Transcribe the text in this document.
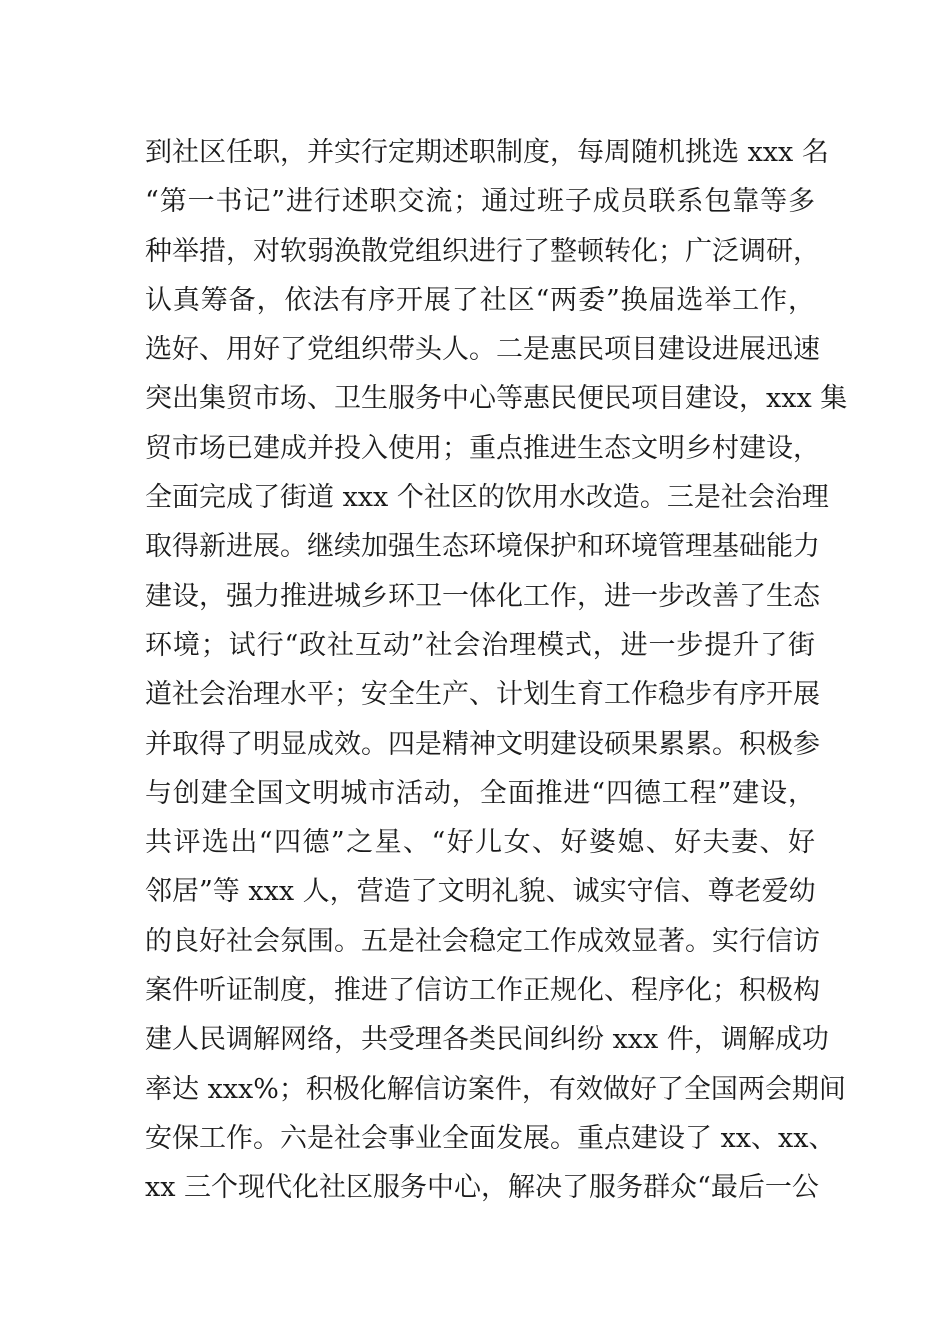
到社区任职，并实行定期述职制度，每周随机挑选 xxx 名
“第一书记”进行述职交流；通过班子成员联系包靠等多
种举措，对软弱涣散党组织进行了整顿转化；广泛调研，
认真筹备，依法有序开展了社区“两委”换届选举工作，
选好、用好了党组织带头人。二是惠民项目建设进展迅速
突出集贸市场、卫生服务中心等惠民便民项目建设，xxx 集
贸市场已建成并投入使用；重点推进生态文明乡村建设，
全面完成了街道 xxx 个社区的饮用水改造。三是社会治理
取得新进展。继续加强生态环境保护和环境管理基础能力
建设，强力推进城乡环卫一体化工作，进一步改善了生态
环境；试行“政社互动”社会治理模式，进一步提升了街
道社会治理水平；安全生产、计划生育工作稳步有序开展
并取得了明显成效。四是精神文明建设硕果累累。积极参
与创建全国文明城市活动，全面推进“四德工程”建设，
共评选出“四德”之星、“好儿女、好婆媳、好夫妻、好
邻居”等 xxx 人，营造了文明礼貌、诚实守信、尊老爱幼
的良好社会氛围。五是社会稳定工作成效显著。实行信访
案件听证制度，推进了信访工作正规化、程序化；积极构
建人民调解网络，共受理各类民间纠纷 xxx 件，调解成功
率达 xxx%；积极化解信访案件，有效做好了全国两会期间
安保工作。六是社会事业全面发展。重点建设了 xx、xx、
xx 三个现代化社区服务中心，解决了服务群众“最后一公
